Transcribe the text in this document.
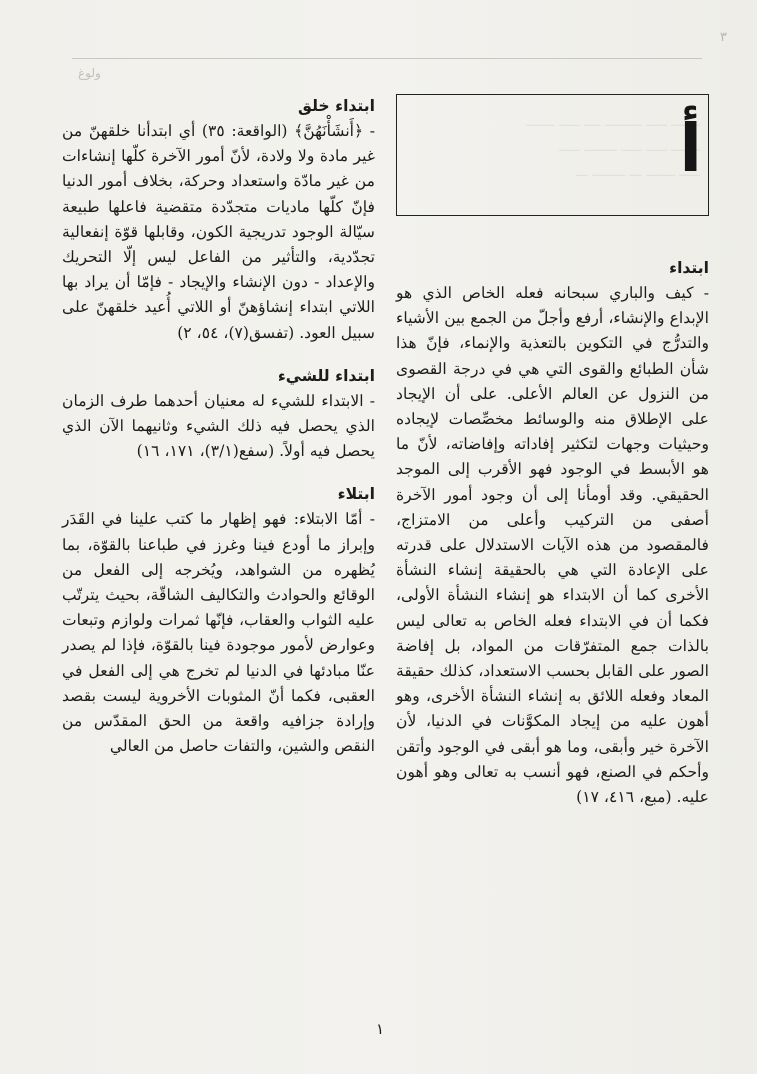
٣
ولوغ
ـــــــ ـــــ ـــــــــ ــــ ـــــ ـــــــ
ـــــــ ـــــ ـــــ ــــــــ ـــــ
ـــــ ـــــــ ـــ ــــــــ ـــ
أ

ابتداء

- كيف والباري سبحانه فعله الخاص الذي هو الإبداع والإنشاء، أرفع وأجلّ من الجمع بين الأشياء والتدرُّج في التكوين بالتعذية والإنماء، فإنّ هذا شأن الطبائع والقوى التي هي في درجة القصوى من النزول عن العالم الأعلى. على أن الإيجاد على الإطلاق منه والوسائط مخصِّصات لإيجاده وحيثيات وجهات لتكثير إفاداته وإفاضاته، لأنّ ما هو الأبسط في الوجود فهو الأقرب إلى الموجد الحقيقي. وقد أومأنا إلى أن وجود أمور الآخرة أصفى من التركيب وأعلى من الامتزاج، فالمقصود من هذه الآيات الاستدلال على قدرته على الإعادة التي هي بالحقيقة إنشاء النشأة الأخرى كما أن الابتداء هو إنشاء النشأة الأولى، فكما أن في الابتداء فعله الخاص به تعالى ليس بالذات جمع المتفرّقات من المواد، بل إفاضة الصور على القابل بحسب الاستعداد، كذلك حقيقة المعاد وفعله اللائق به إنشاء النشأة الأخرى، وهو أهون عليه من إيجاد المكوَّنات في الدنيا، لأن الآخرة خير وأبقى، وما هو أبقى في الوجود وأتقن وأحكم في الصنع، فهو أنسب به تعالى وهو أهون عليه. (مبع، ٤١٦، ١٧)

ابتداء خلق

- ﴿أَنشَأْنَهُنَّ﴾ (الواقعة: ٣٥) أي ابتدأنا خلقهنّ من غير مادة ولا ولادة، لأنّ أمور الآخرة كلّها إنشاءات من غير مادّة واستعداد وحركة، بخلاف أمور الدنيا فإنّ كلّها ماديات متجدّدة متقضية فاعلها طبيعة سيّالة الوجود تدريجية الكون، وقابلها قوّة إنفعالية تجدّدية، والتأثير من الفاعل ليس إلّا التحريك والإعداد - دون الإنشاء والإيجاد - فإمّا أن يراد بها اللاتي ابتداء إنشاؤهنّ أو اللاتي أُعيد خلقهنّ على سبيل العود. (تفسق(٧)، ٥٤، ٢)

ابتداء للشيء

- الابتداء للشيء له معنيان أحدهما طرف الزمان الذي يحصل فيه ذلك الشيء وثانيهما الآن الذي يحصل فيه أولاً. (سفع(٣/١)، ١٧١، ١٦)

ابتلاء

- أمّا الابتلاء: فهو إظهار ما كتب علينا في القَدَر وإبراز ما أودع فينا وغرز في طباعنا بالقوّة، بما يُظهره من الشواهد، ويُخرجه إلى الفعل من الوقائع والحوادث والتكاليف الشاقّة، بحيث يترتّب عليه الثواب والعقاب، فإنّها ثمرات ولوازم وتبعات وعوارض لأمور موجودة فينا بالقوّة، فإذا لم يصدر عنّا مبادئها في الدنيا لم تخرج هي إلى الفعل في العقبى، فكما أنّ المثوبات الأخروية ليست بقصد وإرادة جزافيه واقعة من الحق المقدّس من النقص والشين، والتفات حاصل من العالي

١
